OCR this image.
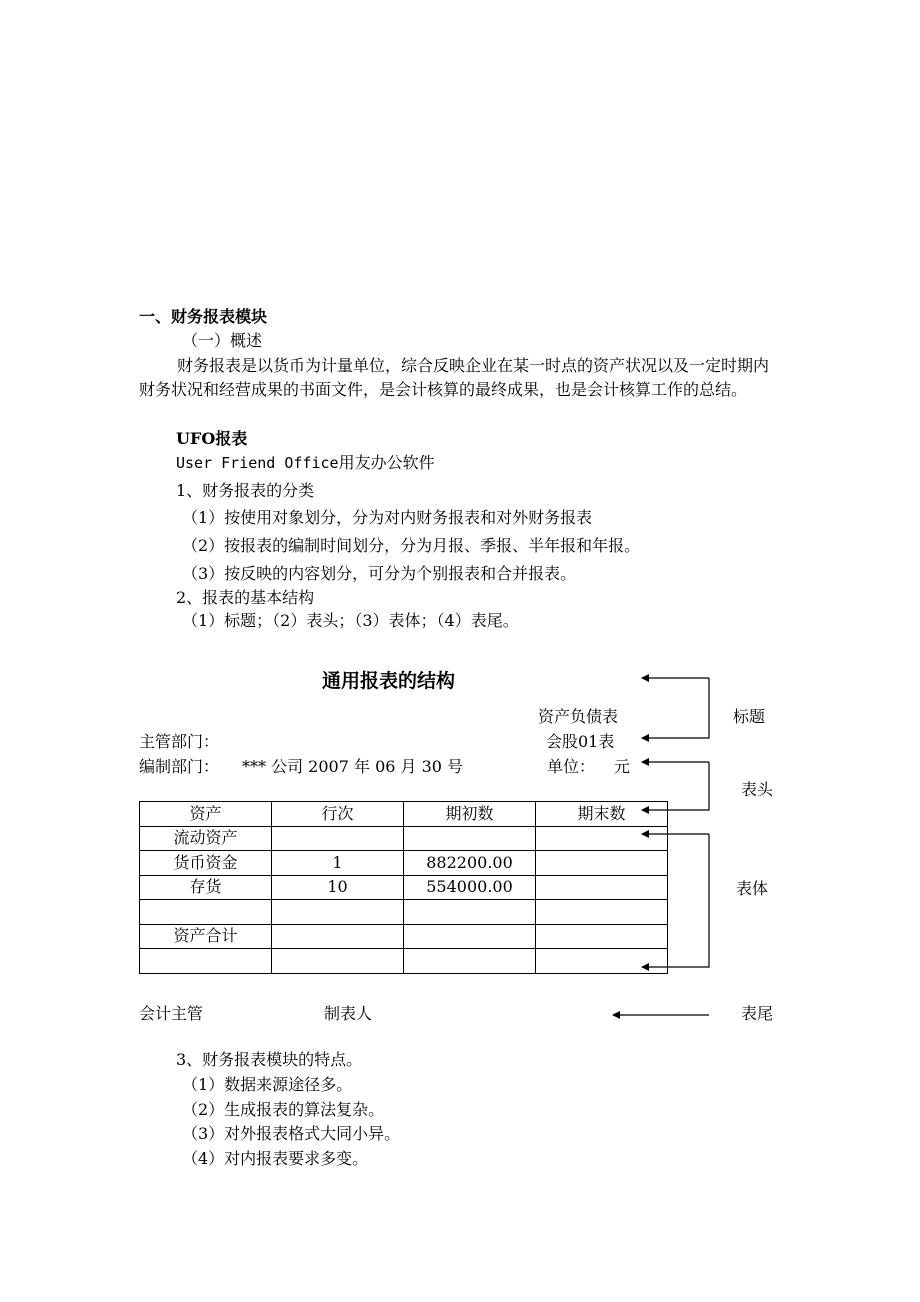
一、财务报表模块
（一）概述
财务报表是以货币为计量单位，综合反映企业在某一时点的资产状况以及一定时期内财务状况和经营成果的书面文件，是会计核算的最终成果，也是会计核算工作的总结。
UFO报表
User Friend Office用友办公软件
1、财务报表的分类
（1）按使用对象划分，分为对内财务报表和对外财务报表
（2）按报表的编制时间划分，分为月报、季报、半年报和年报。
（3）按反映的内容划分，可分为个别报表和合并报表。
2、报表的基本结构
（1）标题；（2）表头；（3）表体；（4）表尾。
通用报表的结构
资产负债表
主管部门：	会股01表
编制部门： *** 公司 2007 年 06 月 30 号	单位： 元
资产	行次	期初数	期末数
流动资产			
货币资金	1	882200.00	
存货	10	554000.00	

资产合计			

会计主管	制表人
标题
表头
表体
表尾
3、财务报表模块的特点。
（1）数据来源途径多。
（2）生成报表的算法复杂。
（3）对外报表格式大同小异。
（4）对内报表要求多变。
